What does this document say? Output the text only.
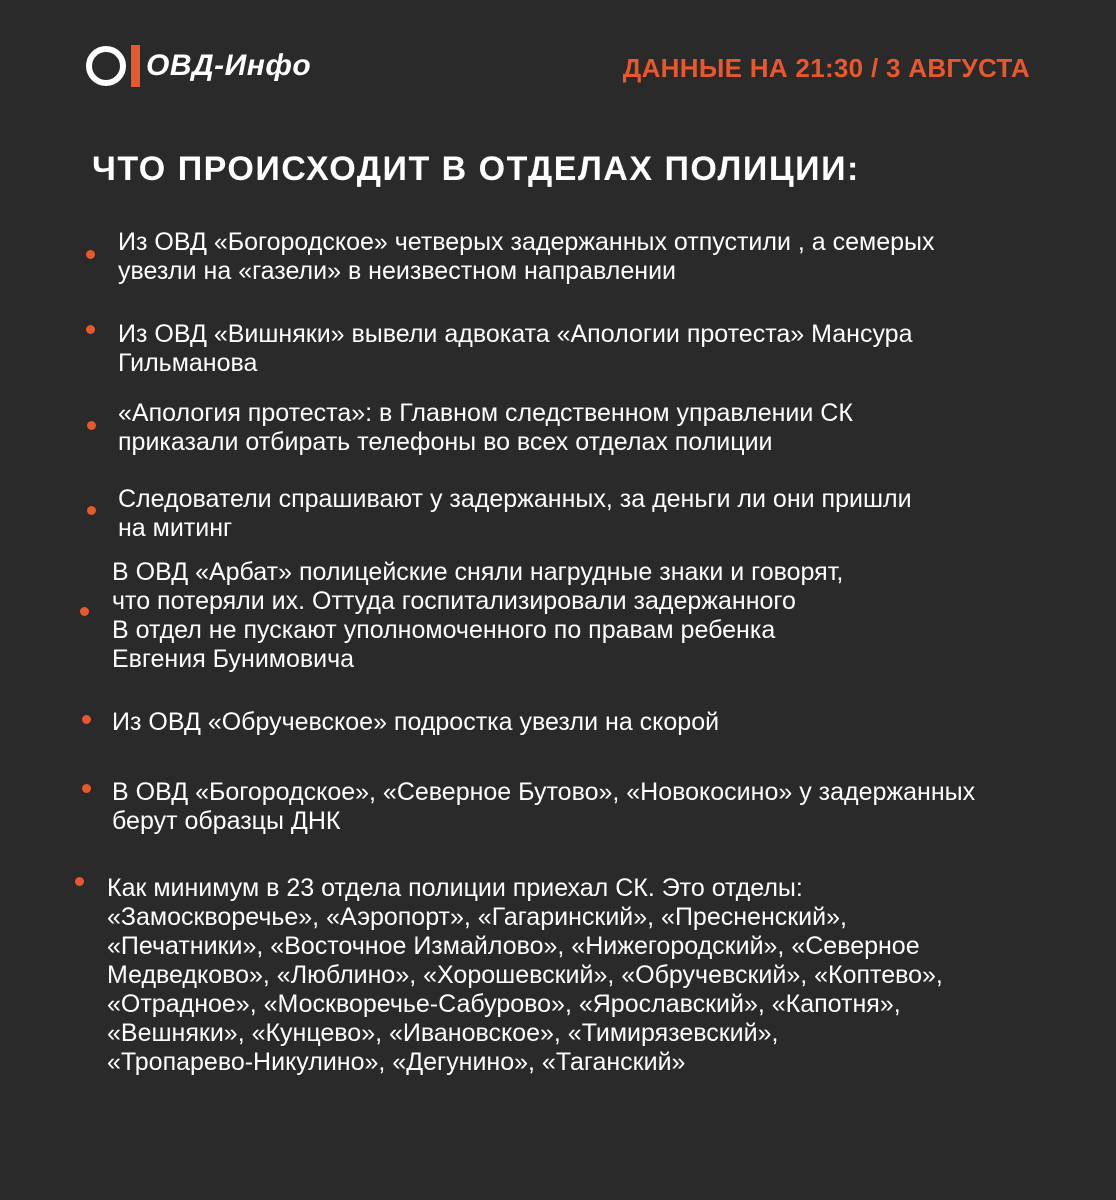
ОВД-Инфо	ДАННЫЕ НА 21:30 / 3 АВГУСТА
ЧТО ПРОИСХОДИТ В ОТДЕЛАХ ПОЛИЦИИ:
Из ОВД «Богородское» четверых задержанных отпустили , а семерых
увезли на «газели» в неизвестном направлении
Из ОВД «Вишняки» вывели адвоката «Апологии протеста» Мансура
Гильманова
«Апология протеста»: в Главном следственном управлении СК
приказали отбирать телефоны во всех отделах полиции
Следователи спрашивают у задержанных, за деньги ли они пришли
на митинг
В ОВД «Арбат» полицейские сняли нагрудные знаки и говорят,
что потеряли их. Оттуда госпитализировали задержанного
В отдел не пускают уполномоченного по правам ребенка
Евгения Бунимовича
Из ОВД «Обручевское» подростка увезли на скорой
В ОВД «Богородское», «Северное Бутово», «Новокосино» у задержанных
берут образцы ДНК
Как минимум в 23 отдела полиции приехал СК. Это отделы:
«Замоскворечье», «Аэропорт», «Гагаринский», «Пресненский»,
«Печатники», «Восточное Измайлово», «Нижегородский», «Северное
Медведково», «Люблино», «Хорошевский», «Обручевский», «Коптево»,
«Отрадное», «Москворечье-Сабурово», «Ярославский», «Капотня»,
«Вешняки», «Кунцево», «Ивановское», «Тимирязевский»,
«Тропарево-Никулино», «Дегунино», «Таганский»
